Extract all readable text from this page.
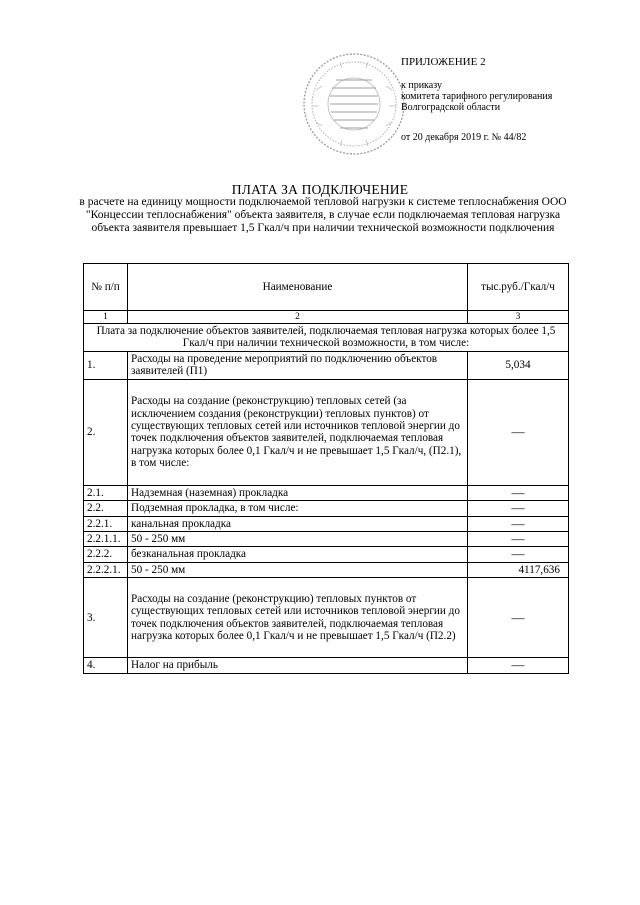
ПРИЛОЖЕНИЕ 2

к приказу

комитета тарифного регулирования

Волгоградской области

от 20 декабря 2019 г. № 44/82

ПЛАТА ЗА ПОДКЛЮЧЕНИЕ
в расчете на единицу мощности подключаемой тепловой нагрузки к системе теплоснабжения ООО "Концессии теплоснабжения" объекта заявителя, в случае если подключаемая тепловая нагрузка объекта заявителя превышает 1,5 Гкал/ч при наличии технической возможности подключения
№ п/п	Наименование	тыс.руб./Гкал/ч
1	2	3
Плата за подключение объектов заявителей, подключаемая тепловая нагрузка которых более 1,5 Гкал/ч при наличии технической возможности, в том числе:		
1.	Расходы на проведение мероприятий по подключению объектов заявителей (П1)	5,034
2.	Расходы на создание (реконструкцию) тепловых сетей (за исключением создания (реконструкции) тепловых пунктов) от существующих тепловых сетей или источников тепловой энергии до точек подключения объектов заявителей, подключаемая тепловая нагрузка которых более 0,1 Гкал/ч и не превышает 1,5 Гкал/ч, (П2.1), в том числе:	—

2.1.	Надземная (наземная) прокладка	—

2.2.	Подземная прокладка, в том числе:	—

2.2.1.	канальная прокладка	—

2.2.1.1.	50 - 250 мм	—

2.2.2.	безканальная прокладка	—

2.2.2.1.	50 - 250 мм	4117,636
3.	Расходы на создание (реконструкцию) тепловых пунктов от существующих тепловых сетей или источников тепловой энергии до точек подключения объектов заявителей, подключаемая тепловая нагрузка которых более 0,1 Гкал/ч и не превышает 1,5 Гкал/ч (П2.2)	—

4.	Налог на прибыль	—
